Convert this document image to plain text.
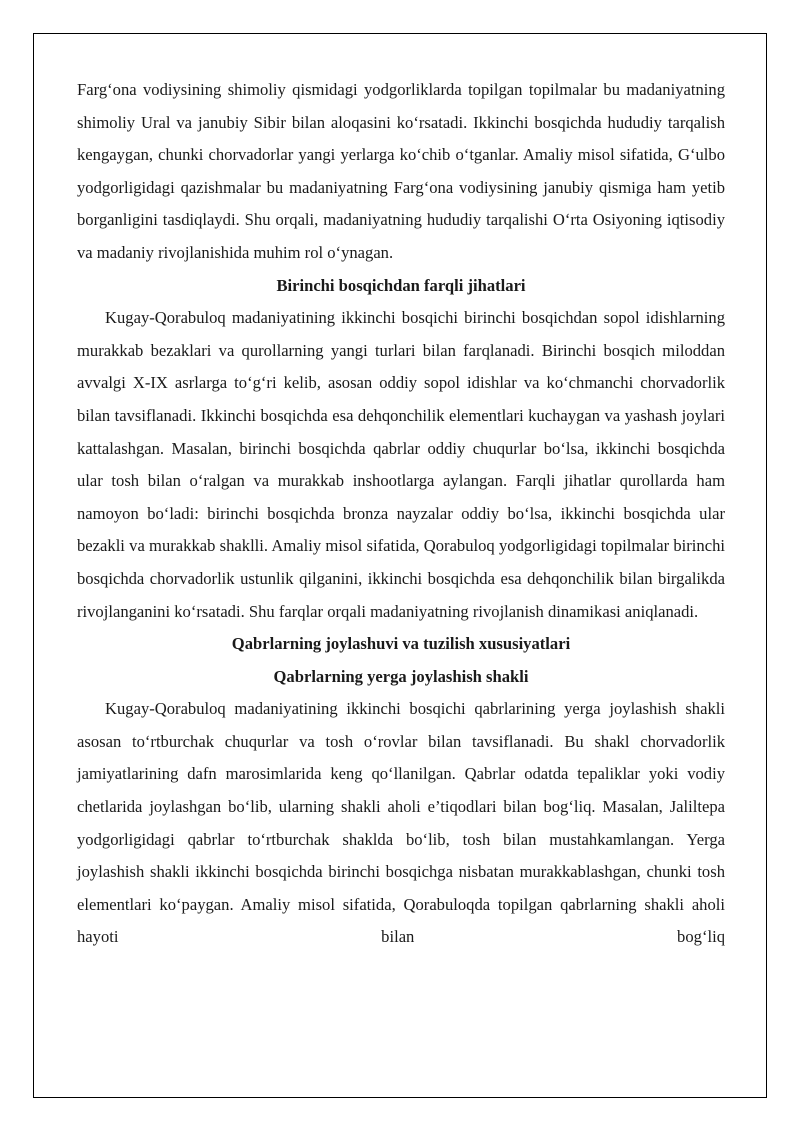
Farg‘ona vodiysining shimoliy qismidagi yodgorliklarda topilgan topilmalar bu madaniyatning shimoliy Ural va janubiy Sibir bilan aloqasini ko‘rsatadi. Ikkinchi bosqichda hududiy tarqalish kengaygan, chunki chorvadorlar yangi yerlarga ko‘chib o‘tganlar. Amaliy misol sifatida, G‘ulbo yodgorligidagi qazishmalar bu madaniyatning Farg‘ona vodiysining janubiy qismiga ham yetib borganligini tasdiqlaydi. Shu orqali, madaniyatning hududiy tarqalishi O‘rta Osiyoning iqtisodiy va madaniy rivojlanishida muhim rol o‘ynagan.

Birinchi bosqichdan farqli jihatlari

Kugay-Qorabuloq madaniyatining ikkinchi bosqichi birinchi bosqichdan sopol idishlarning murakkab bezaklari va qurollarning yangi turlari bilan farqlanadi. Birinchi bosqich miloddan avvalgi X-IX asrlarga to‘g‘ri kelib, asosan oddiy sopol idishlar va ko‘chmanchi chorvadorlik bilan tavsiflanadi. Ikkinchi bosqichda esa dehqonchilik elementlari kuchaygan va yashash joylari kattalashgan. Masalan, birinchi bosqichda qabrlar oddiy chuqurlar bo‘lsa, ikkinchi bosqichda ular tosh bilan o‘ralgan va murakkab inshootlarga aylangan. Farqli jihatlar qurollarda ham namoyon bo‘ladi: birinchi bosqichda bronza nayzalar oddiy bo‘lsa, ikkinchi bosqichda ular bezakli va murakkab shaklli. Amaliy misol sifatida, Qorabuloq yodgorligidagi topilmalar birinchi bosqichda chorvadorlik ustunlik qilganini, ikkinchi bosqichda esa dehqonchilik bilan birgalikda rivojlanganini ko‘rsatadi. Shu farqlar orqali madaniyatning rivojlanish dinamikasi aniqlanadi.

Qabrlarning joylashuvi va tuzilish xususiyatlari
Qabrlarning yerga joylashish shakli

Kugay-Qorabuloq madaniyatining ikkinchi bosqichi qabrlarining yerga joylashish shakli asosan to‘rtburchak chuqurlar va tosh o‘rovlar bilan tavsiflanadi. Bu shakl chorvadorlik jamiyatlarining dafn marosimlarida keng qo‘llanilgan. Qabrlar odatda tepaliklar yoki vodiy chetlarida joylashgan bo‘lib, ularning shakli aholi e’tiqodlari bilan bog‘liq. Masalan, Jaliltepa yodgorligidagi qabrlar to‘rtburchak shaklda bo‘lib, tosh bilan mustahkamlangan. Yerga joylashish shakli ikkinchi bosqichda birinchi bosqichga nisbatan murakkablashgan, chunki tosh elementlari ko‘paygan. Amaliy misol sifatida, Qorabuloqda topilgan qabrlarning shakli aholi hayoti bilan bog‘liq
